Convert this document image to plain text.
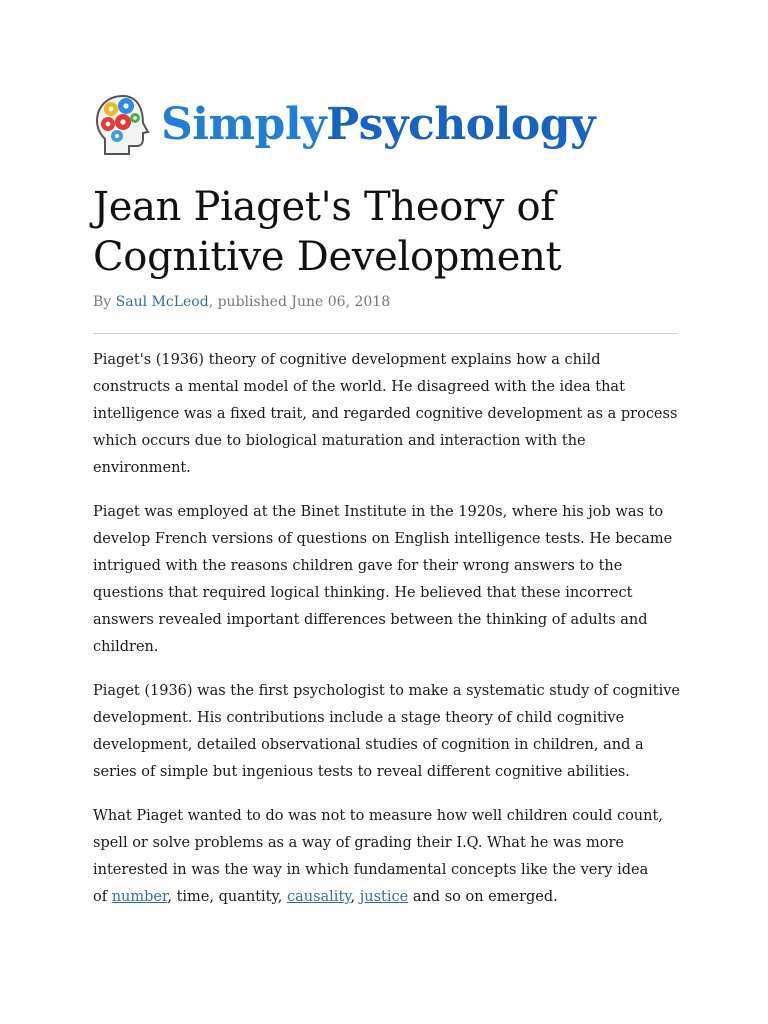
SimplyPsychology
Jean Piaget's Theory of
Cognitive Development
By Saul McLeod, published June 06, 2018

Piaget's (1936) theory of cognitive development explains how a child
constructs a mental model of the world. He disagreed with the idea that
intelligence was a fixed trait, and regarded cognitive development as a process
which occurs due to biological maturation and interaction with the
environment.

Piaget was employed at the Binet Institute in the 1920s, where his job was to
develop French versions of questions on English intelligence tests. He became
intrigued with the reasons children gave for their wrong answers to the
questions that required logical thinking. He believed that these incorrect
answers revealed important differences between the thinking of adults and
children.

Piaget (1936) was the first psychologist to make a systematic study of cognitive
development. His contributions include a stage theory of child cognitive
development, detailed observational studies of cognition in children, and a
series of simple but ingenious tests to reveal different cognitive abilities.

What Piaget wanted to do was not to measure how well children could count,
spell or solve problems as a way of grading their I.Q. What he was more
interested in was the way in which fundamental concepts like the very idea
of number, time, quantity, causality, justice and so on emerged.
